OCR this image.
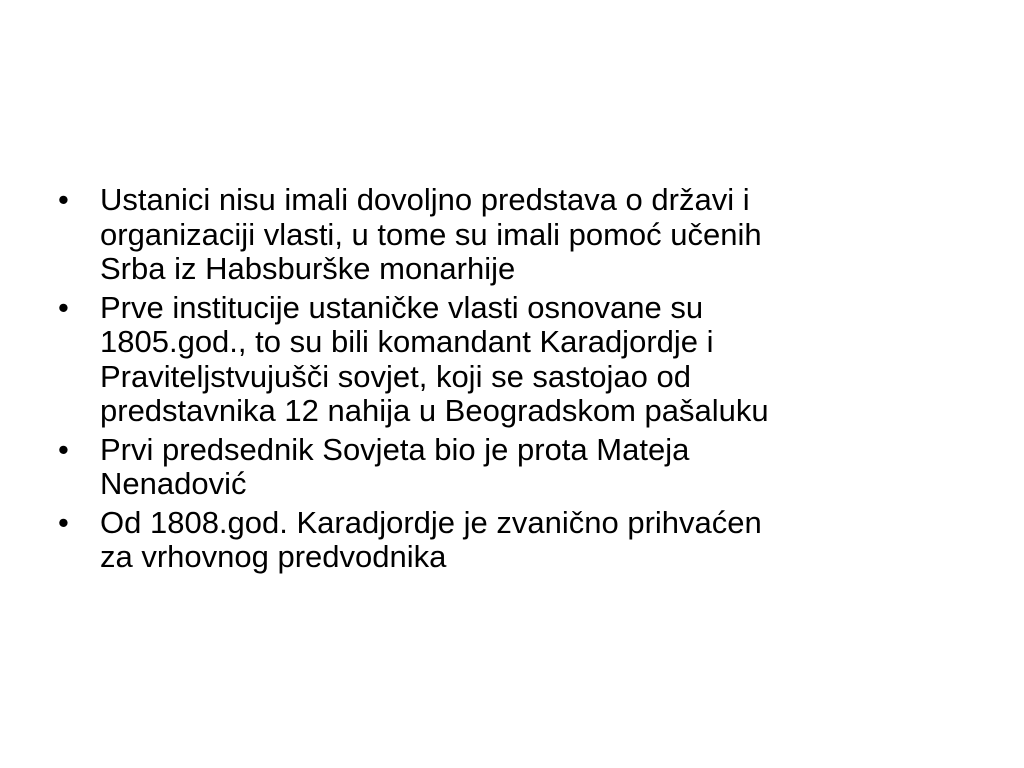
•	Ustanici nisu imali dovoljno predstava o državi i
organizaciji vlasti, u tome su imali pomoć učenih
Srba iz Habsburške monarhije
•	Prve institucije ustaničke vlasti osnovane su
1805.god., to su bili komandant Karadjordje i
Praviteljstvujušči sovjet, koji se sastojao od
predstavnika 12 nahija u Beogradskom pašaluku
•	Prvi predsednik Sovjeta bio je prota Mateja
Nenadović
•	Od 1808.god. Karadjordje je zvanično prihvaćen
za vrhovnog predvodnika
